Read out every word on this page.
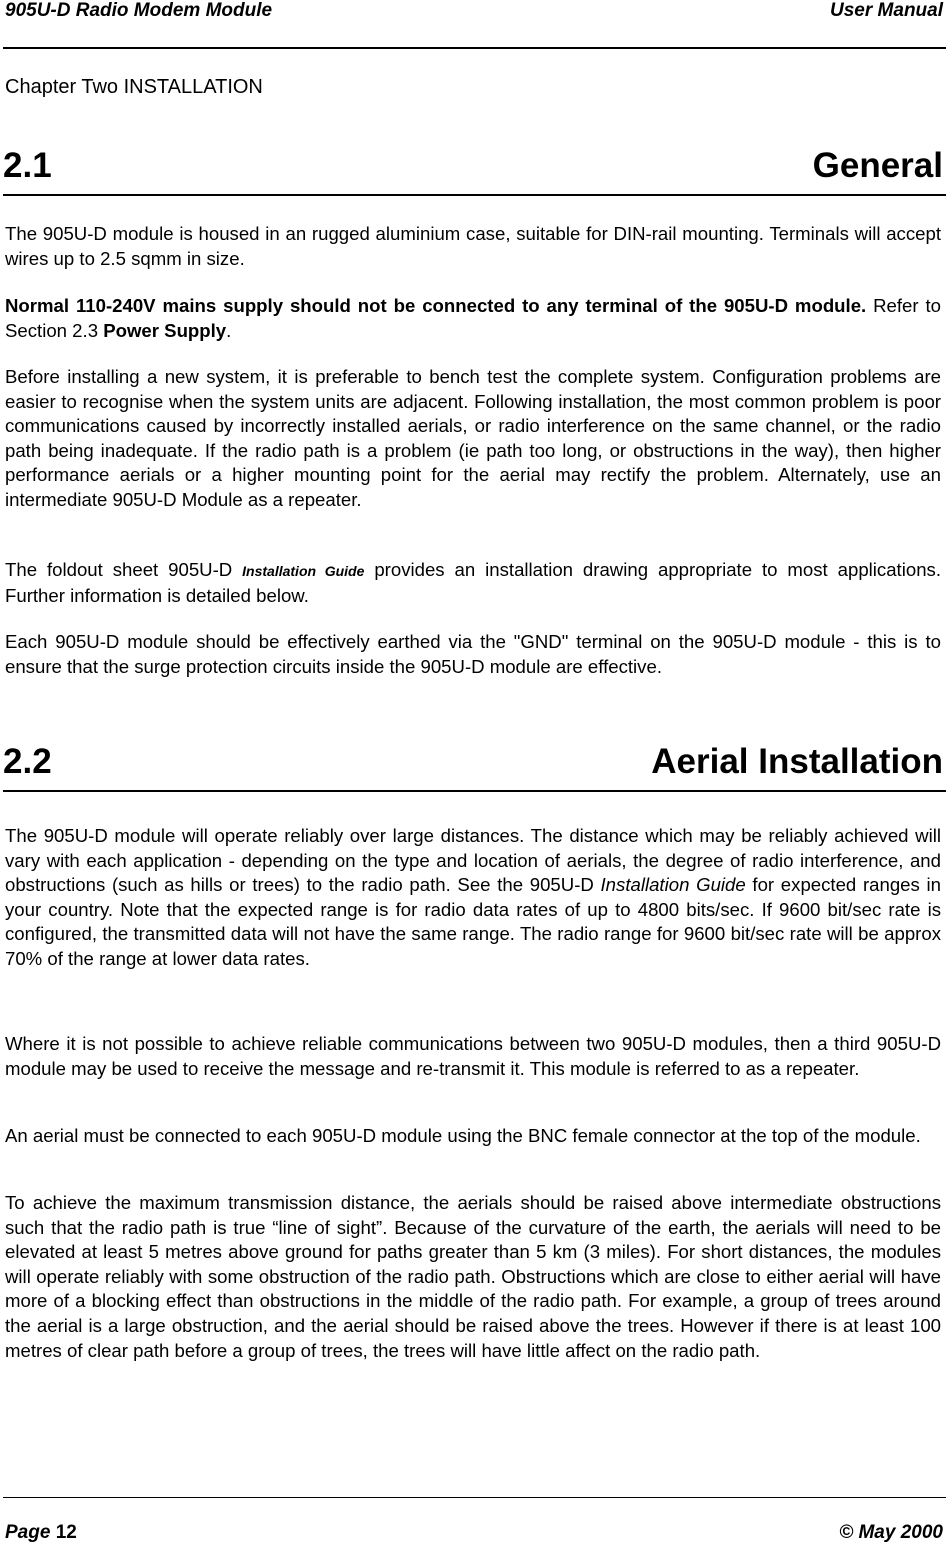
905U-D Radio Modem Module	User Manual
Chapter Two INSTALLATION
2.1	General

The 905U-D module is housed in an rugged aluminium case, suitable for DIN-rail mounting. Terminals will accept wires up to 2.5 sqmm in size.

Normal 110-240V mains supply should not be connected to any terminal of the 905U-D module. Refer to Section 2.3 Power Supply.

Before installing a new system, it is preferable to bench test the complete system. Configuration problems are easier to recognise when the system units are adjacent. Following installation, the most common problem is poor communications caused by incorrectly installed aerials, or radio interference on the same channel, or the radio path being inadequate. If the radio path is a problem (ie path too long, or obstructions in the way), then higher performance aerials or a higher mounting point for the aerial may rectify the problem. Alternately, use an intermediate 905U-D Module as a repeater.

The foldout sheet 905U-D Installation Guide provides an installation drawing appropriate to most applications. Further information is detailed below.

Each 905U-D module should be effectively earthed via the "GND" terminal on the 905U-D module - this is to ensure that the surge protection circuits inside the 905U-D module are effective.

2.2	Aerial Installation

The 905U-D module will operate reliably over large distances. The distance which may be reliably achieved will vary with each application - depending on the type and location of aerials, the degree of radio interference, and obstructions (such as hills or trees) to the radio path. See the 905U-D Installation Guide for expected ranges in your country. Note that the expected range is for radio data rates of up to 4800 bits/sec. If 9600 bit/sec rate is configured, the transmitted data will not have the same range. The radio range for 9600 bit/sec rate will be approx 70% of the range at lower data rates.

Where it is not possible to achieve reliable communications between two 905U-D modules, then a third 905U-D module may be used to receive the message and re-transmit it. This module is referred to as a repeater.

An aerial must be connected to each 905U-D module using the BNC female connector at the top of the module.

To achieve the maximum transmission distance, the aerials should be raised above intermediate obstructions such that the radio path is true “line of sight”. Because of the curvature of the earth, the aerials will need to be elevated at least 5 metres above ground for paths greater than 5 km (3 miles). For short distances, the modules will operate reliably with some obstruction of the radio path. Obstructions which are close to either aerial will have more of a blocking effect than obstructions in the middle of the radio path. For example, a group of trees around the aerial is a large obstruction, and the aerial should be raised above the trees. However if there is at least 100 metres of clear path before a group of trees, the trees will have little affect on the radio path.

Page 12	© May 2000
